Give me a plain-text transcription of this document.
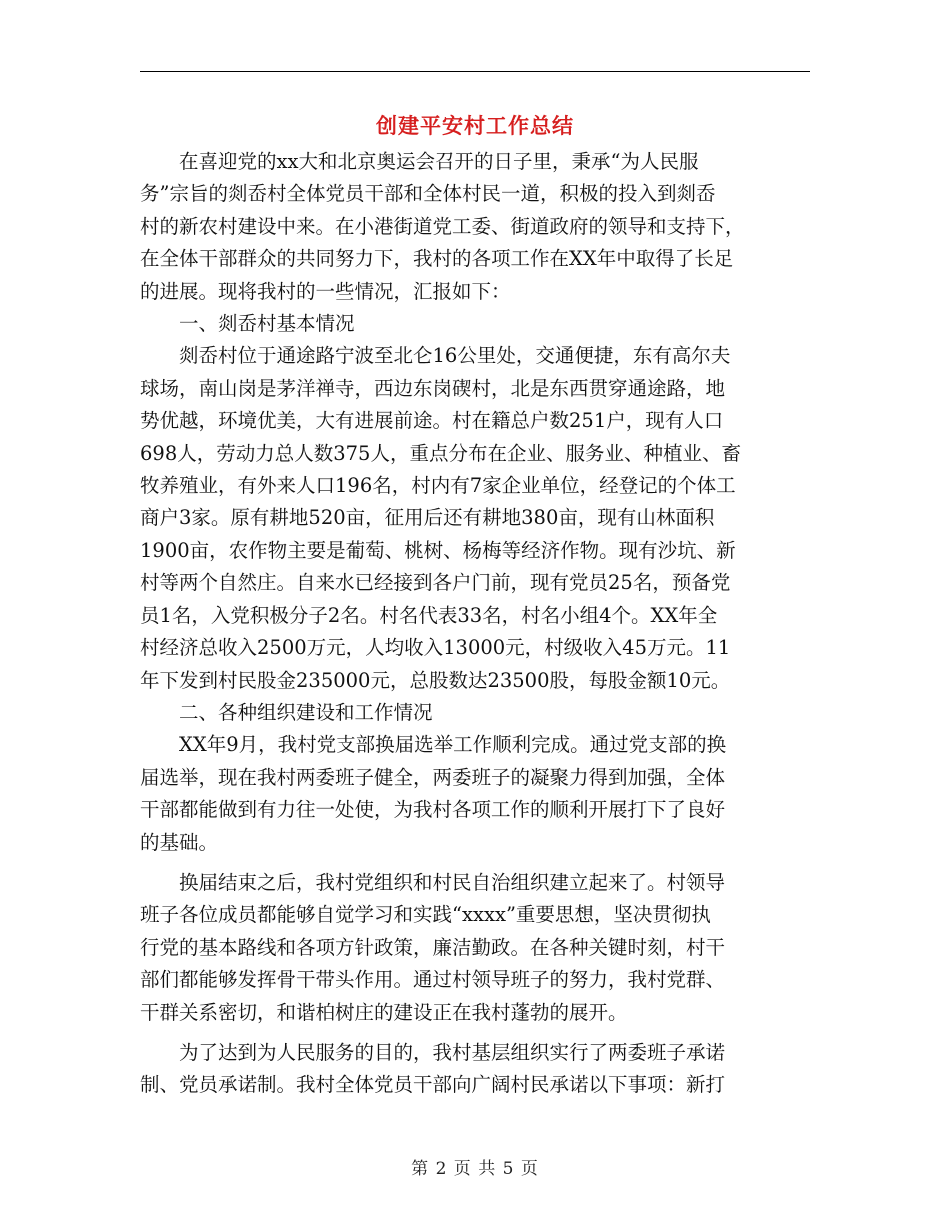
创建平安村工作总结

在喜迎党的xx大和北京奥运会召开的日子里，秉承“为人民服
务”宗旨的剡岙村全体党员干部和全体村民一道，积极的投入到剡岙
村的新农村建设中来。在小港街道党工委、街道政府的领导和支持下，
在全体干部群众的共同努力下，我村的各项工作在XX年中取得了长足
的进展。现将我村的一些情况，汇报如下：

一、剡岙村基本情况

剡岙村位于通途路宁波至北仑16公里处，交通便捷，东有高尔夫
球场，南山岗是茅洋禅寺，西边东岗碶村，北是东西贯穿通途路，地
势优越，环境优美，大有进展前途。村在籍总户数251户，现有人口
698人，劳动力总人数375人，重点分布在企业、服务业、种植业、畜
牧养殖业，有外来人口196名，村内有7家企业单位，经登记的个体工
商户3家。原有耕地520亩，征用后还有耕地380亩，现有山林面积
1900亩，农作物主要是葡萄、桃树、杨梅等经济作物。现有沙坑、新
村等两个自然庄。自来水已经接到各户门前，现有党员25名，预备党
员1名，入党积极分子2名。村名代表33名，村名小组4个。XX年全
村经济总收入2500万元，人均收入13000元，村级收入45万元。11
年下发到村民股金235000元，总股数达23500股，每股金额10元。

二、各种组织建设和工作情况

XX年9月，我村党支部换届选举工作顺利完成。通过党支部的换
届选举，现在我村两委班子健全，两委班子的凝聚力得到加强，全体
干部都能做到有力往一处使，为我村各项工作的顺利开展打下了良好
的基础。

换届结束之后，我村党组织和村民自治组织建立起来了。村领导
班子各位成员都能够自觉学习和实践“xxxx”重要思想，坚决贯彻执
行党的基本路线和各项方针政策，廉洁勤政。在各种关键时刻，村干
部们都能够发挥骨干带头作用。通过村领导班子的努力，我村党群、
干群关系密切，和谐柏树庄的建设正在我村蓬勃的展开。

为了达到为人民服务的目的，我村基层组织实行了两委班子承诺
制、党员承诺制。我村全体党员干部向广阔村民承诺以下事项：新打

第 2 页 共 5 页
